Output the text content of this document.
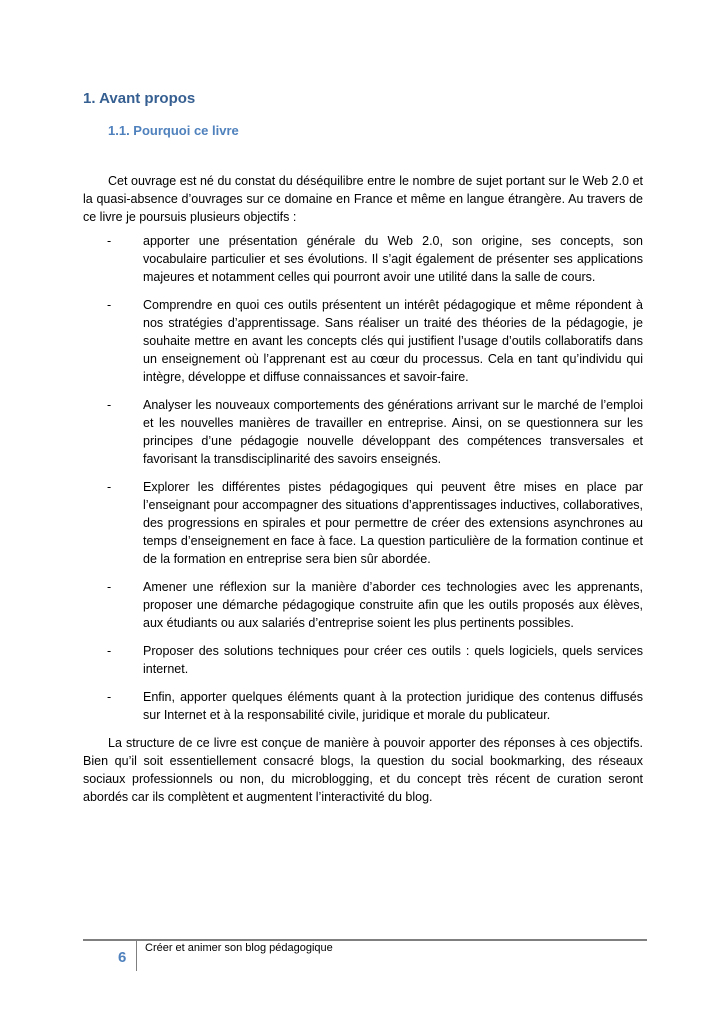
1. Avant propos
1.1. Pourquoi ce livre

Cet ouvrage est né du constat du déséquilibre entre le nombre de sujet portant sur le Web 2.0 et la quasi-absence d’ouvrages sur ce domaine en France et même en langue étrangère. Au travers de ce livre je poursuis plusieurs objectifs :

-	apporter une présentation générale du Web 2.0, son origine, ses concepts, son vocabulaire particulier et ses évolutions. Il s’agit également de présenter ses applications majeures et notamment celles qui pourront avoir une utilité dans la salle de cours.
-	Comprendre en quoi ces outils présentent un intérêt pédagogique et même répondent à nos stratégies d’apprentissage. Sans réaliser un traité des théories de la pédagogie, je souhaite mettre en avant les concepts clés qui justifient l’usage d’outils collaboratifs dans un enseignement où l’apprenant est au cœur du processus. Cela en tant qu’individu qui intègre, développe et diffuse connaissances et savoir-faire.
-	Analyser les nouveaux comportements des générations arrivant sur le marché de l’emploi et les nouvelles manières de travailler en entreprise. Ainsi, on se questionnera sur les principes d’une pédagogie nouvelle développant des compétences transversales et favorisant la transdisciplinarité des savoirs enseignés.
-	Explorer les différentes pistes pédagogiques qui peuvent être mises en place par l’enseignant pour accompagner des situations d’apprentissages inductives, collaboratives, des progressions en spirales et pour permettre de créer des extensions asynchrones au temps d’enseignement en face à face. La question particulière de la formation continue et de la formation en entreprise sera bien sûr abordée.
-	Amener une réflexion sur la manière d’aborder ces technologies avec les apprenants, proposer une démarche pédagogique construite afin que les outils proposés aux élèves, aux étudiants ou aux salariés d’entreprise soient les plus pertinents possibles.
-	Proposer des solutions techniques pour créer ces outils : quels logiciels, quels services internet.
-	Enfin, apporter quelques éléments quant à la protection juridique des contenus diffusés sur Internet et à la responsabilité civile, juridique et morale du publicateur.

La structure de ce livre est conçue de manière à pouvoir apporter des réponses à ces objectifs. Bien qu’il soit essentiellement consacré blogs, la question du social bookmarking, des réseaux sociaux professionnels ou non, du microblogging, et du concept très récent de curation seront abordés car ils complètent et augmentent l’interactivité du blog.

6
Créer et animer son blog pédagogique
